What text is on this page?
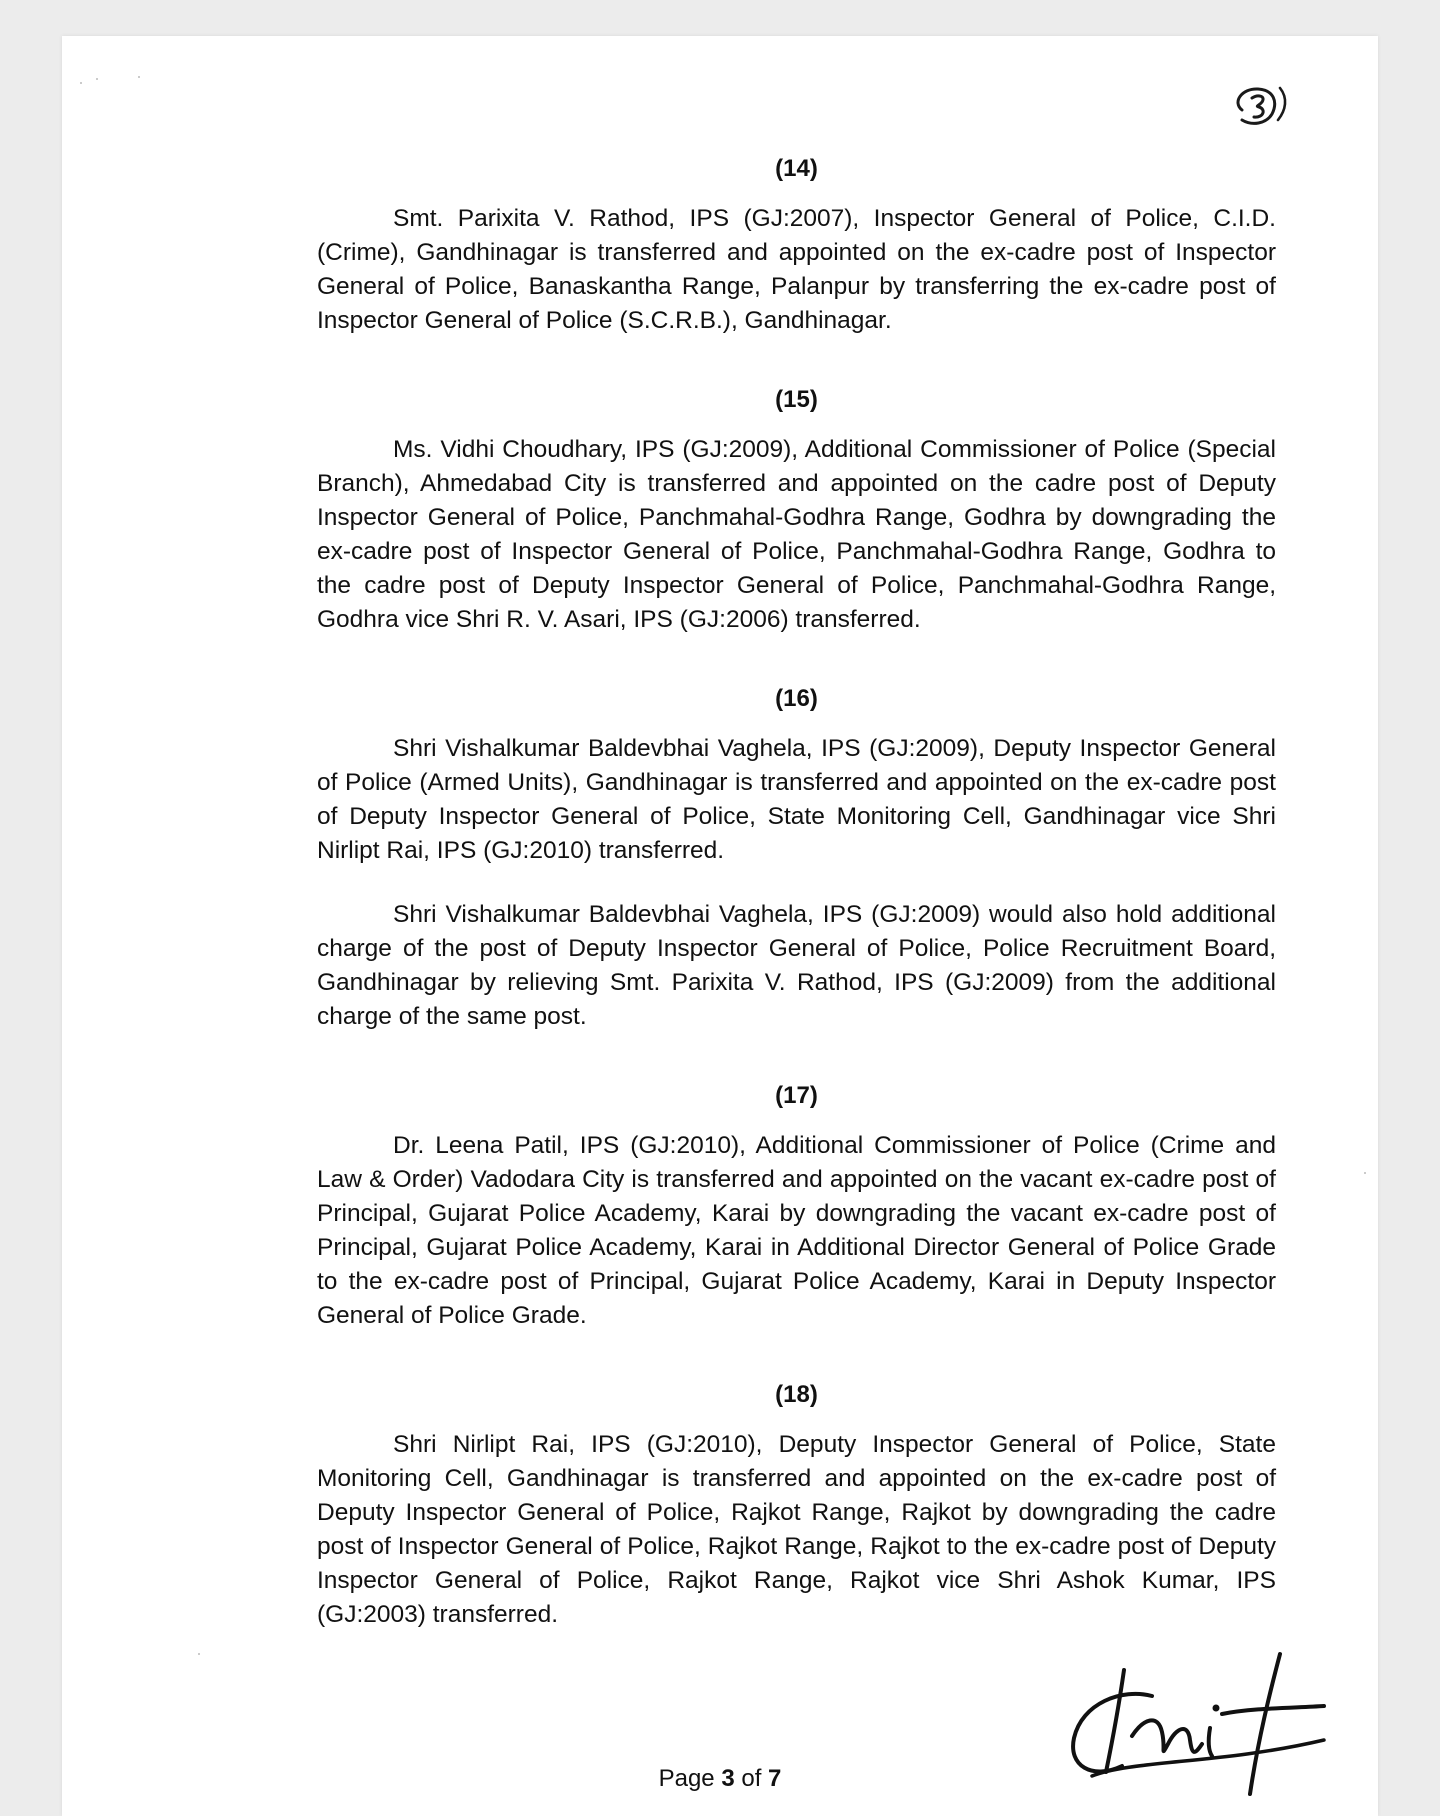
(14)

Smt. Parixita V. Rathod, IPS (GJ:2007), Inspector General of Police, C.I.D. (Crime), Gandhinagar is transferred and appointed on the ex-cadre post of Inspector General of Police, Banaskantha Range, Palanpur by transferring the ex-cadre post of Inspector General of Police (S.C.R.B.), Gandhinagar.

(15)

Ms. Vidhi Choudhary, IPS (GJ:2009), Additional Commissioner of Police (Special Branch), Ahmedabad City is transferred and appointed on the cadre post of Deputy Inspector General of Police, Panchmahal-Godhra Range, Godhra by downgrading the ex-cadre post of Inspector General of Police, Panchmahal-Godhra Range, Godhra to the cadre post of Deputy Inspector General of Police, Panchmahal-Godhra Range, Godhra vice Shri R. V. Asari, IPS (GJ:2006) transferred.

(16)

Shri Vishalkumar Baldevbhai Vaghela, IPS (GJ:2009), Deputy Inspector General of Police (Armed Units), Gandhinagar is transferred and appointed on the ex-cadre post of Deputy Inspector General of Police, State Monitoring Cell, Gandhinagar vice Shri Nirlipt Rai, IPS (GJ:2010) transferred.

Shri Vishalkumar Baldevbhai Vaghela, IPS (GJ:2009) would also hold additional charge of the post of Deputy Inspector General of Police, Police Recruitment Board, Gandhinagar by relieving Smt. Parixita V. Rathod, IPS (GJ:2009) from the additional charge of the same post.

(17)

Dr. Leena Patil, IPS (GJ:2010), Additional Commissioner of Police (Crime and Law & Order) Vadodara City is transferred and appointed on the vacant ex-cadre post of Principal, Gujarat Police Academy, Karai by downgrading the vacant ex-cadre post of Principal, Gujarat Police Academy, Karai in Additional Director General of Police Grade to the ex-cadre post of Principal, Gujarat Police Academy, Karai in Deputy Inspector General of Police Grade.

(18)

Shri Nirlipt Rai, IPS (GJ:2010), Deputy Inspector General of Police, State Monitoring Cell, Gandhinagar is transferred and appointed on the ex-cadre post of Deputy Inspector General of Police, Rajkot Range, Rajkot by downgrading the cadre post of Inspector General of Police, Rajkot Range, Rajkot to the ex-cadre post of Deputy Inspector General of Police, Rajkot Range, Rajkot vice Shri Ashok Kumar, IPS (GJ:2003) transferred.

Page 3 of 7
